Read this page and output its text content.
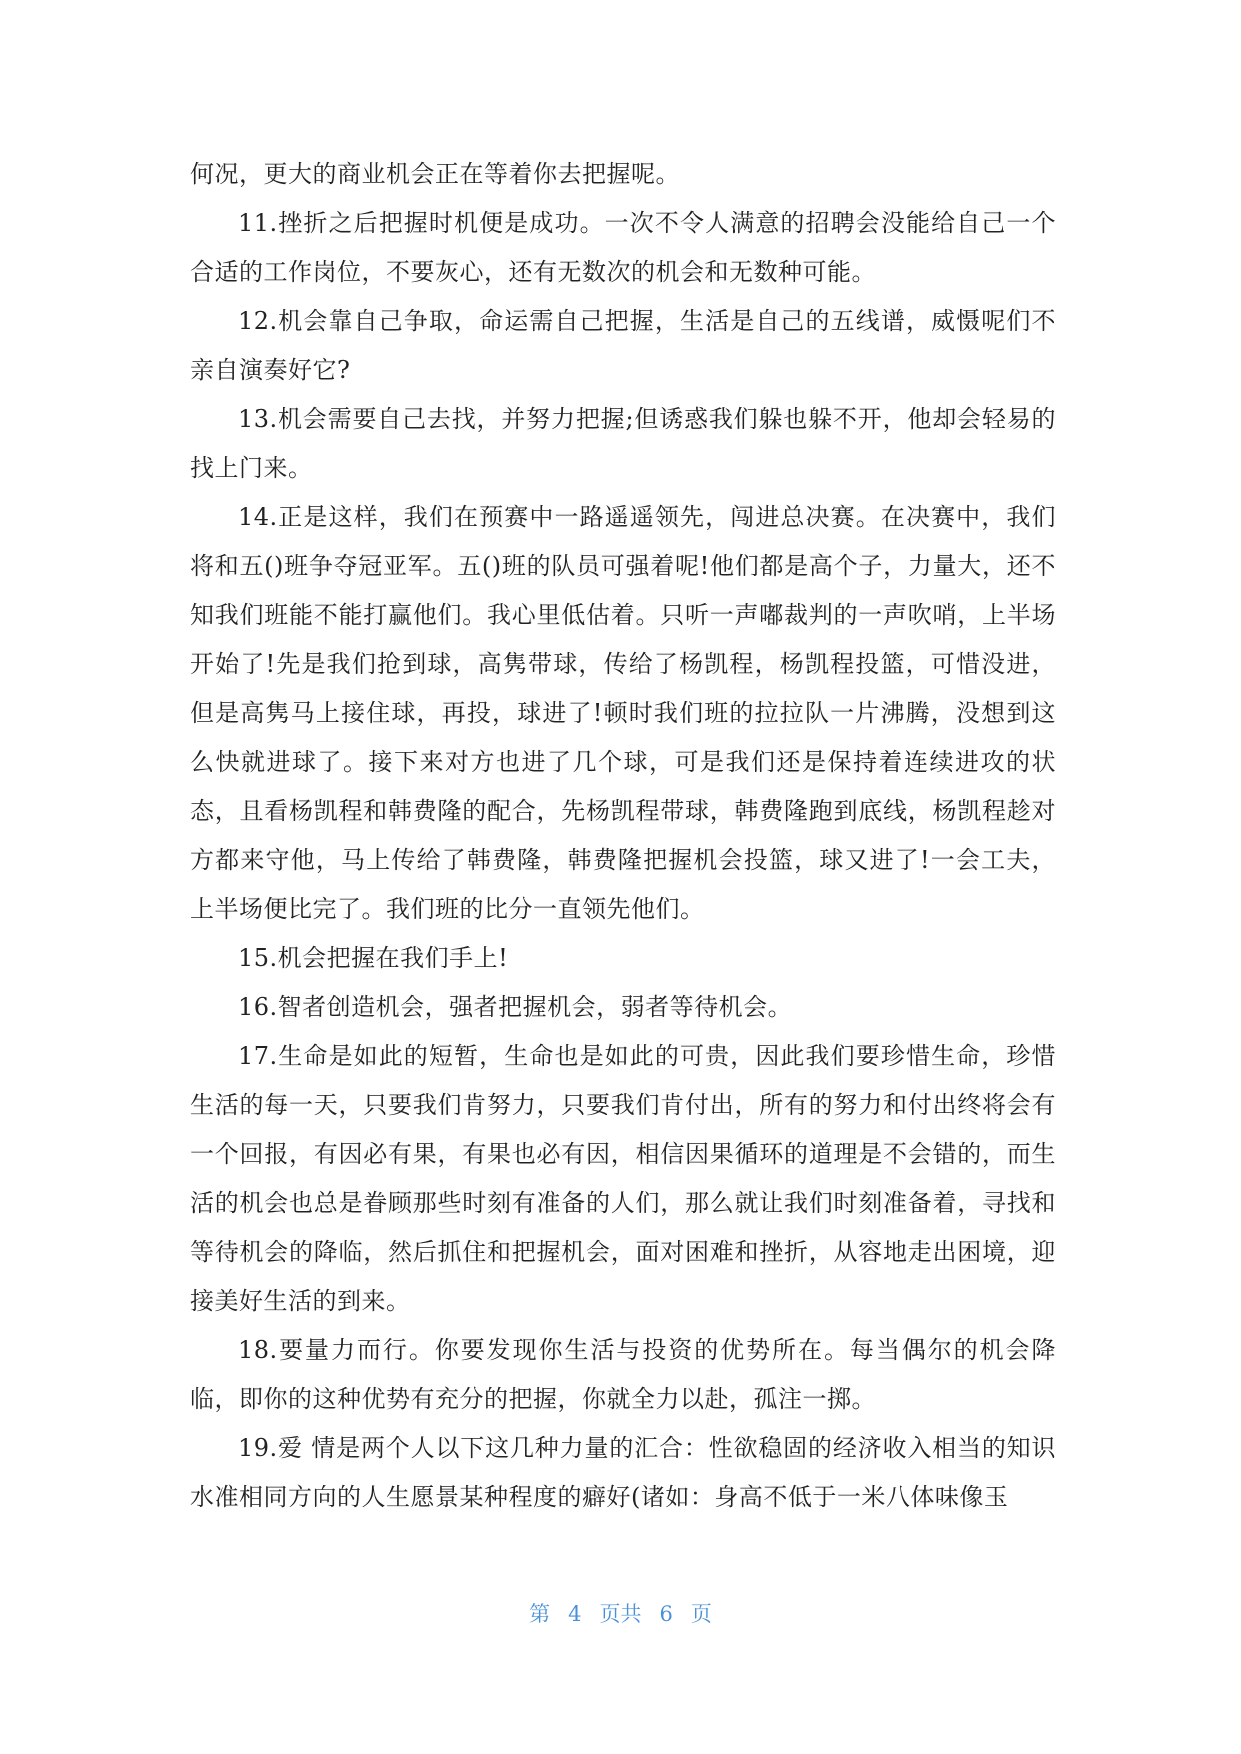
何况，更大的商业机会正在等着你去把握呢。

11.挫折之后把握时机便是成功。一次不令人满意的招聘会没能给自己一个合适的工作岗位，不要灰心，还有无数次的机会和无数种可能。

12.机会靠自己争取，命运需自己把握，生活是自己的五线谱，威慑呢们不亲自演奏好它?

13.机会需要自己去找，并努力把握;但诱惑我们躲也躲不开，他却会轻易的找上门来。

14.正是这样，我们在预赛中一路遥遥领先，闯进总决赛。在决赛中，我们将和五()班争夺冠亚军。五()班的队员可强着呢!他们都是高个子，力量大，还不知我们班能不能打赢他们。我心里低估着。只听一声嘟裁判的一声吹哨，上半场开始了!先是我们抢到球，高隽带球，传给了杨凯程，杨凯程投篮，可惜没进，但是高隽马上接住球，再投，球进了!顿时我们班的拉拉队一片沸腾，没想到这么快就进球了。接下来对方也进了几个球，可是我们还是保持着连续进攻的状态，且看杨凯程和韩费隆的配合，先杨凯程带球，韩费隆跑到底线，杨凯程趁对方都来守他，马上传给了韩费隆，韩费隆把握机会投篮，球又进了!一会工夫，上半场便比完了。我们班的比分一直领先他们。

15.机会把握在我们手上!

16.智者创造机会，强者把握机会，弱者等待机会。

17.生命是如此的短暂，生命也是如此的可贵，因此我们要珍惜生命，珍惜生活的每一天，只要我们肯努力，只要我们肯付出，所有的努力和付出终将会有一个回报，有因必有果，有果也必有因，相信因果循环的道理是不会错的，而生活的机会也总是眷顾那些时刻有准备的人们，那么就让我们时刻准备着，寻找和等待机会的降临，然后抓住和把握机会，面对困难和挫折，从容地走出困境，迎接美好生活的到来。

18.要量力而行。你要发现你生活与投资的优势所在。每当偶尔的机会降临，即你的这种优势有充分的把握，你就全力以赴，孤注一掷。

19.爱 情是两个人以下这几种力量的汇合：性欲稳固的经济收入相当的知识水准相同方向的人生愿景某种程度的癖好(诸如：身高不低于一米八体味像玉

第 4 页共 6 页
